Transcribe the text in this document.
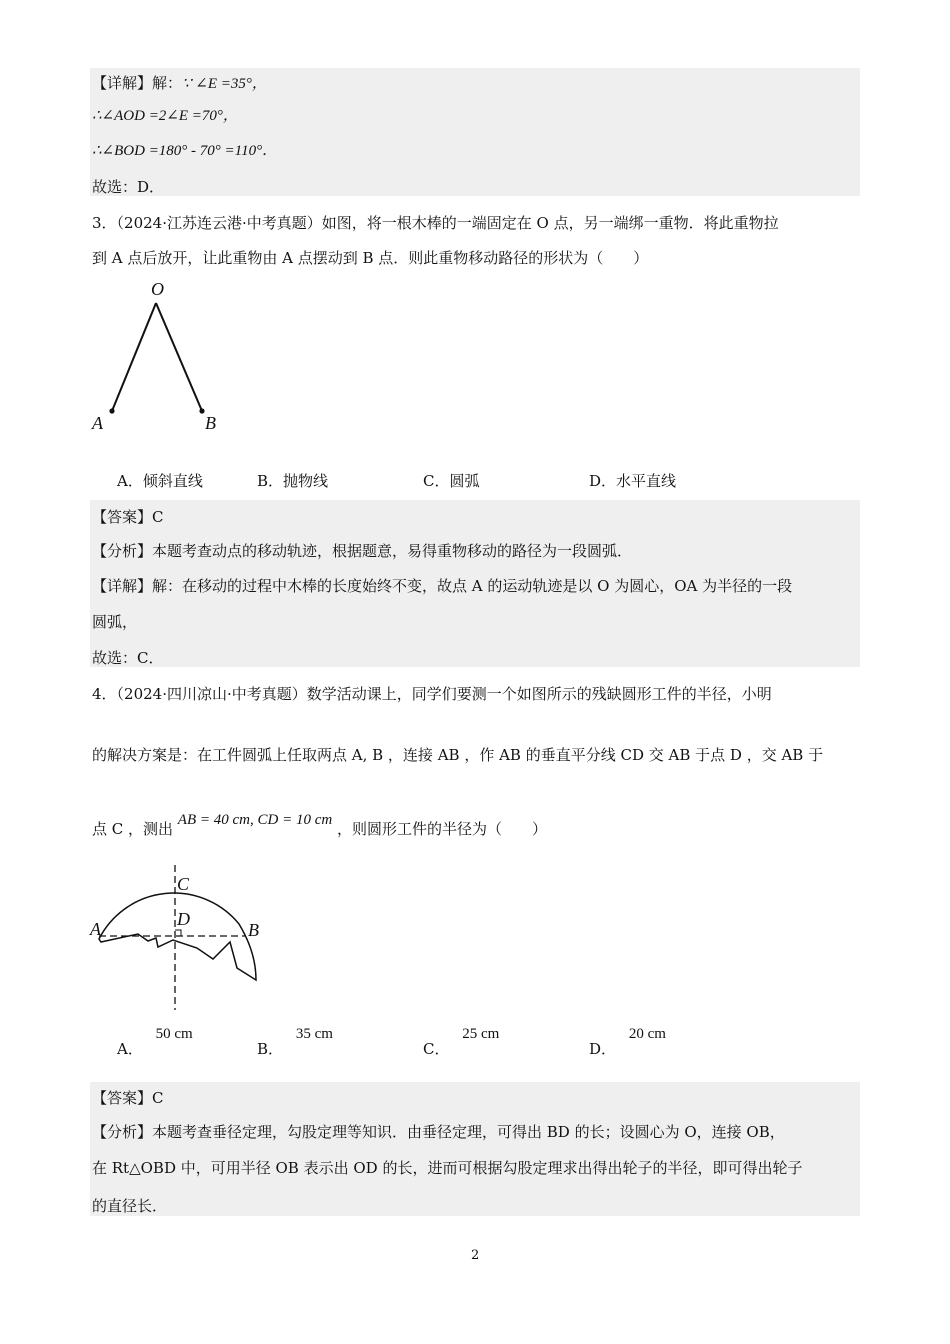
【详解】解：∵ ∠E =35°，
∴∠AOD =2∠E =70°，
∴∠BOD =180° - 70° =110°．
故选：D．
3．（2024·江苏连云港·中考真题）如图，将一根木棒的一端固定在 O 点，另一端绑一重物．将此重物拉
到 A 点后放开，让此重物由 A 点摆动到 B 点．则此重物移动路径的形状为（　　）
O
A	B
A．倾斜直线	B．抛物线	C．圆弧	D．水平直线
【答案】C
【分析】本题考查动点的移动轨迹，根据题意，易得重物移动的路径为一段圆弧．
【详解】解：在移动的过程中木棒的长度始终不变，故点 A 的运动轨迹是以 O 为圆心，OA 为半径的一段
圆弧，
故选：C．
4．（2024·四川凉山·中考真题）数学活动课上，同学们要测一个如图所示的残缺圆形工件的半径，小明
的解决方案是：在工件圆弧上任取两点 A, B ，连接 AB ，作 AB 的垂直平分线 CD 交 AB 于点 D ，交 AB 于
点 C ，测出 AB = 40 cm, CD = 10 cm ，则圆形工件的半径为（　　）
C
D
A	B
A． 50 cm
B． 35 cm
C． 25 cm
D． 20 cm
【答案】C
【分析】本题考查垂径定理，勾股定理等知识．由垂径定理，可得出 BD 的长；设圆心为 O，连接 OB，
在 Rt△OBD 中，可用半径 OB 表示出 OD 的长，进而可根据勾股定理求出得出轮子的半径，即可得出轮子
的直径长．
2
